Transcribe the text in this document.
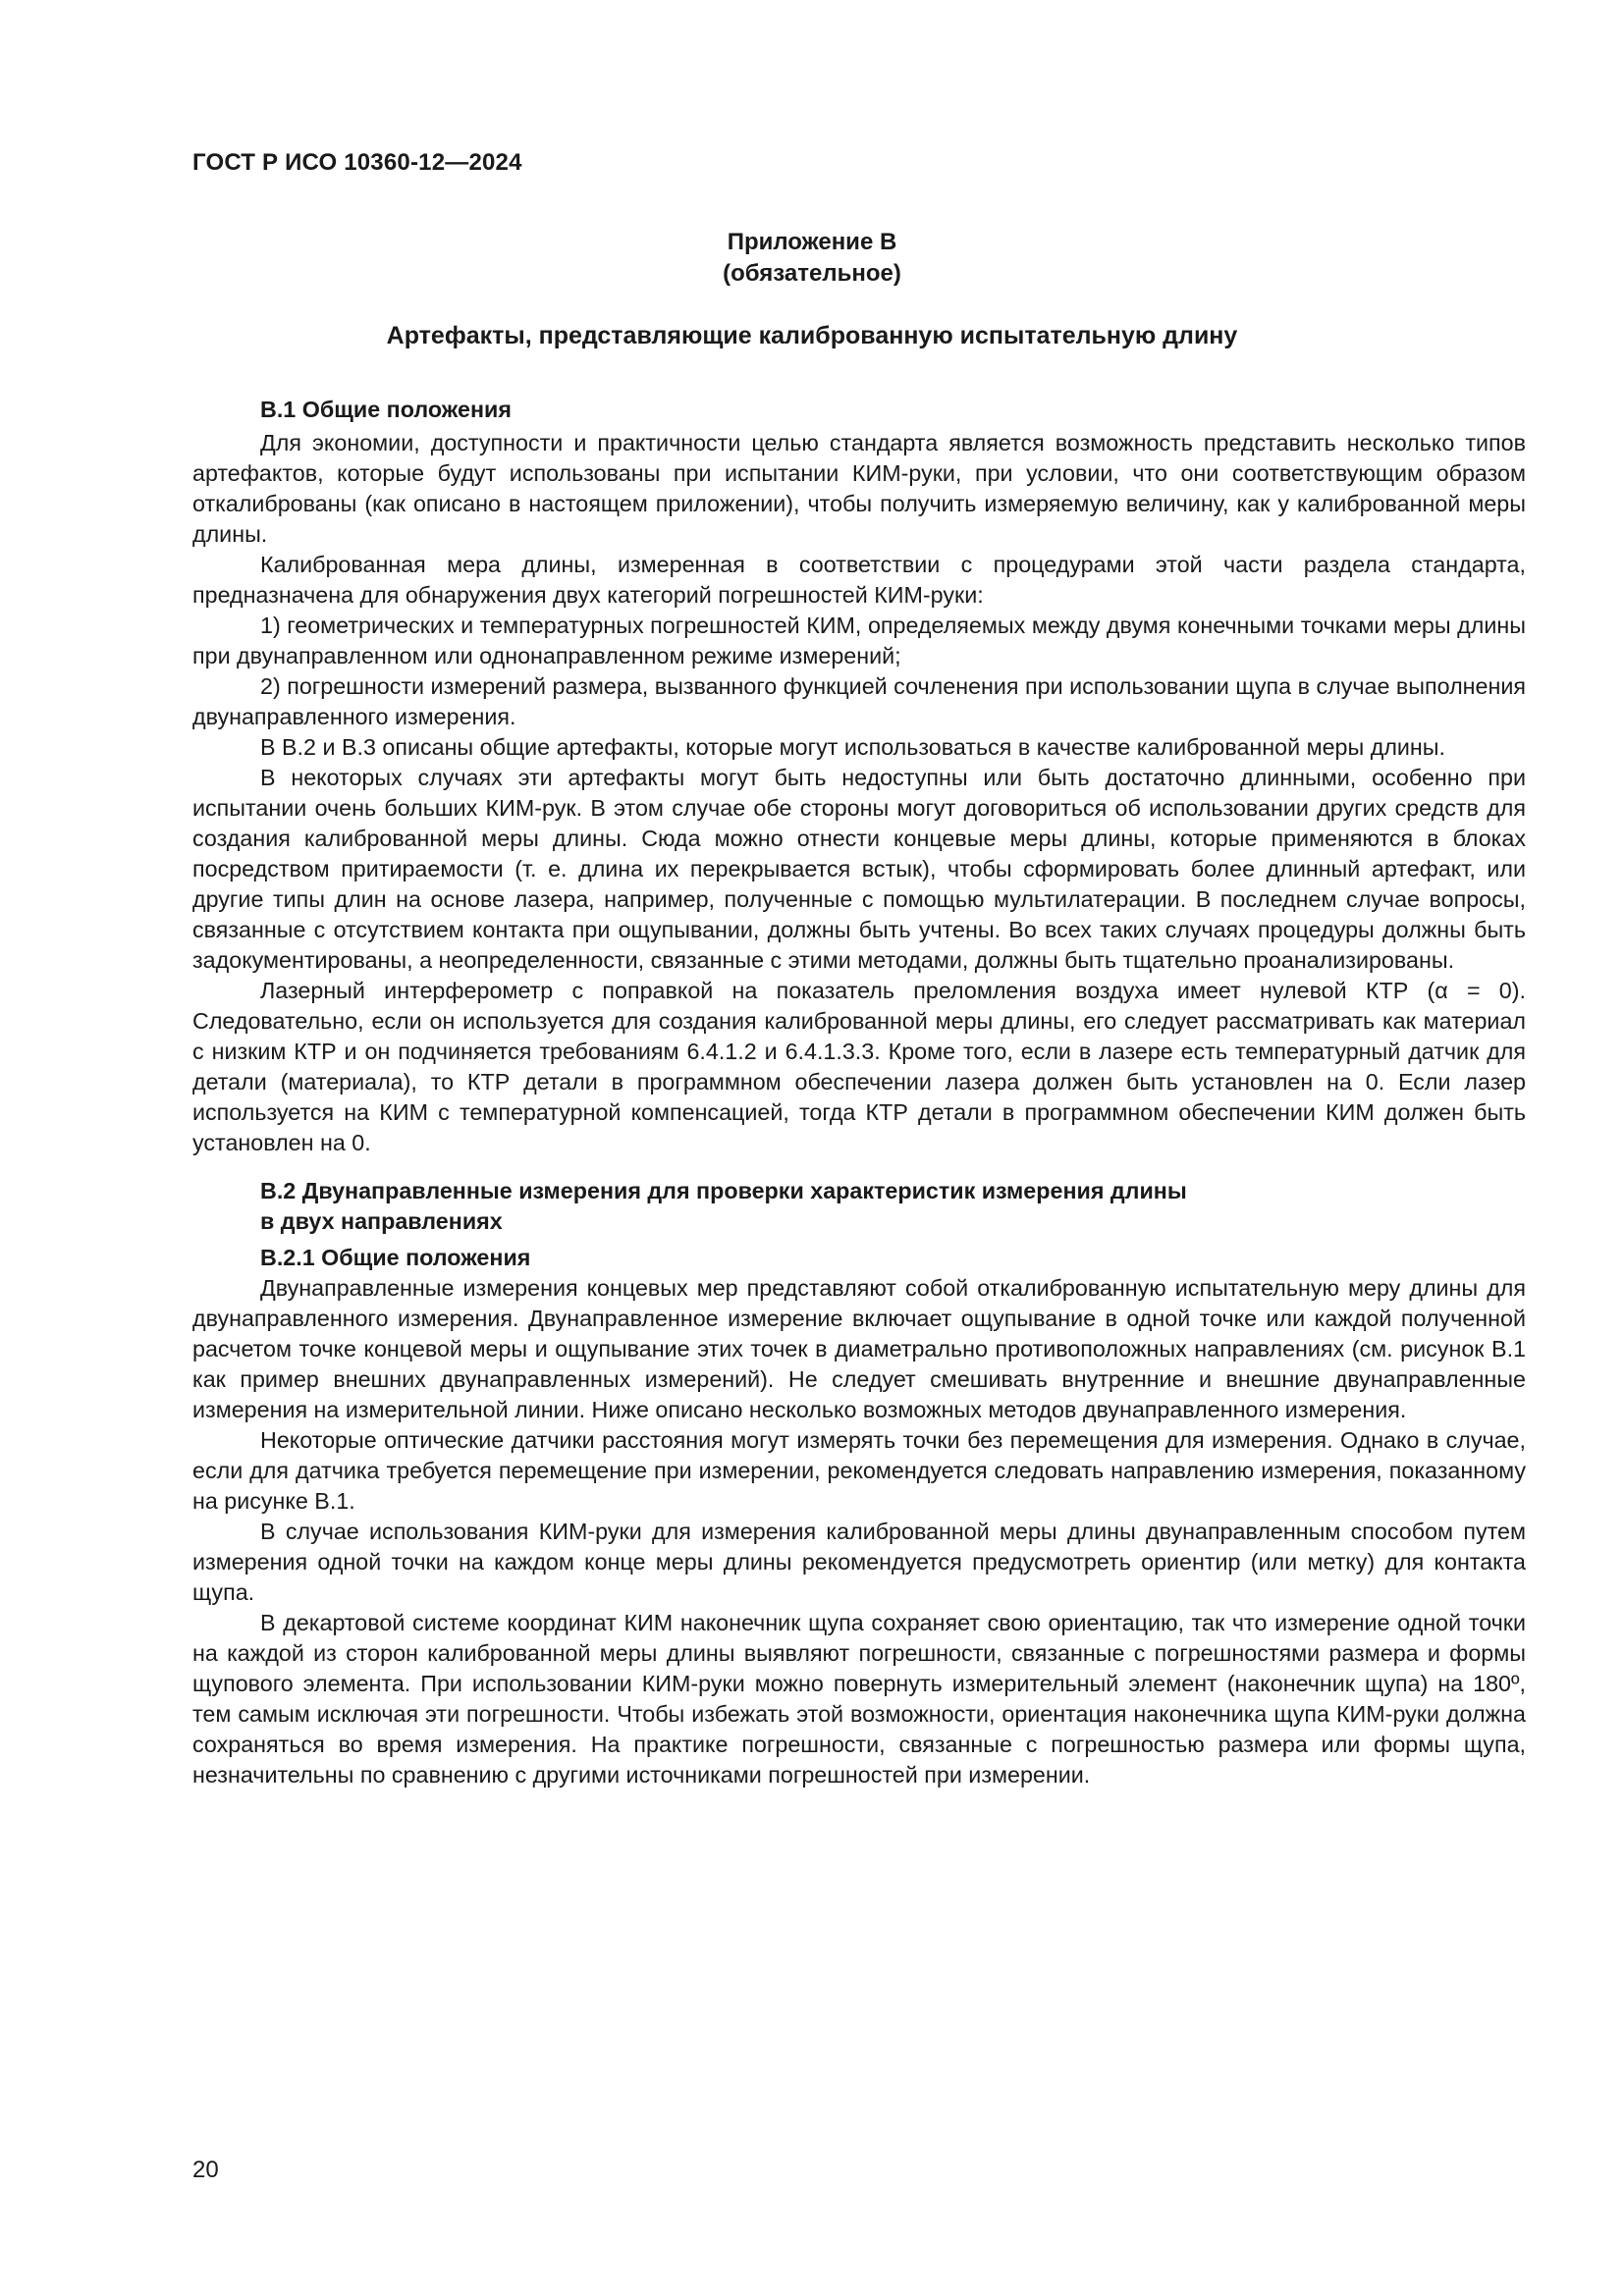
ГОСТ Р ИСО 10360-12—2024
Приложение В
(обязательное)
Артефакты, представляющие калиброванную испытательную длину
В.1 Общие положения

Для экономии, доступности и практичности целью стандарта является возможность представить несколько типов артефактов, которые будут использованы при испытании КИМ-руки, при условии, что они соответствующим образом откалиброваны (как описано в настоящем приложении), чтобы получить измеряемую величину, как у калиброванной меры длины.

Калиброванная мера длины, измеренная в соответствии с процедурами этой части раздела стандарта, предназначена для обнаружения двух категорий погрешностей КИМ-руки:

1) геометрических и температурных погрешностей КИМ, определяемых между двумя конечными точками меры длины при двунаправленном или однонаправленном режиме измерений;

2) погрешности измерений размера, вызванного функцией сочленения при использовании щупа в случае выполнения двунаправленного измерения.

В В.2 и В.3 описаны общие артефакты, которые могут использоваться в качестве калиброванной меры длины.

В некоторых случаях эти артефакты могут быть недоступны или быть достаточно длинными, особенно при испытании очень больших КИМ-рук. В этом случае обе стороны могут договориться об использовании других средств для создания калиброванной меры длины. Сюда можно отнести концевые меры длины, которые применяются в блоках посредством притираемости (т. е. длина их перекрывается встык), чтобы сформировать более длинный артефакт, или другие типы длин на основе лазера, например, полученные с помощью мультилатерации. В последнем случае вопросы, связанные с отсутствием контакта при ощупывании, должны быть учтены. Во всех таких случаях процедуры должны быть задокументированы, а неопределенности, связанные с этими методами, должны быть тщательно проанализированы.

Лазерный интерферометр с поправкой на показатель преломления воздуха имеет нулевой КТР (α = 0). Следовательно, если он используется для создания калиброванной меры длины, его следует рассматривать как материал с низким КТР и он подчиняется требованиям 6.4.1.2 и 6.4.1.3.3. Кроме того, если в лазере есть температурный датчик для детали (материала), то КТР детали в программном обеспечении лазера должен быть установлен на 0. Если лазер используется на КИМ с температурной компенсацией, тогда КТР детали в программном обеспечении КИМ должен быть установлен на 0.

В.2 Двунаправленные измерения для проверки характеристик измерения длины
в двух направлениях
В.2.1 Общие положения

Двунаправленные измерения концевых мер представляют собой откалиброванную испытательную меру длины для двунаправленного измерения. Двунаправленное измерение включает ощупывание в одной точке или каждой полученной расчетом точке концевой меры и ощупывание этих точек в диаметрально противоположных направлениях (см. рисунок В.1 как пример внешних двунаправленных измерений). Не следует смешивать внутренние и внешние двунаправленные измерения на измерительной линии. Ниже описано несколько возможных методов двунаправленного измерения.

Некоторые оптические датчики расстояния могут измерять точки без перемещения для измерения. Однако в случае, если для датчика требуется перемещение при измерении, рекомендуется следовать направлению измерения, показанному на рисунке В.1.

В случае использования КИМ-руки для измерения калиброванной меры длины двунаправленным способом путем измерения одной точки на каждом конце меры длины рекомендуется предусмотреть ориентир (или метку) для контакта щупа.

В декартовой системе координат КИМ наконечник щупа сохраняет свою ориентацию, так что измерение одной точки на каждой из сторон калиброванной меры длины выявляют погрешности, связанные с погрешностями размера и формы щупового элемента. При использовании КИМ-руки можно повернуть измерительный элемент (наконечник щупа) на 180º, тем самым исключая эти погрешности. Чтобы избежать этой возможности, ориентация наконечника щупа КИМ-руки должна сохраняться во время измерения. На практике погрешности, связанные с погрешностью размера или формы щупа, незначительны по сравнению с другими источниками погрешностей при измерении.

20
